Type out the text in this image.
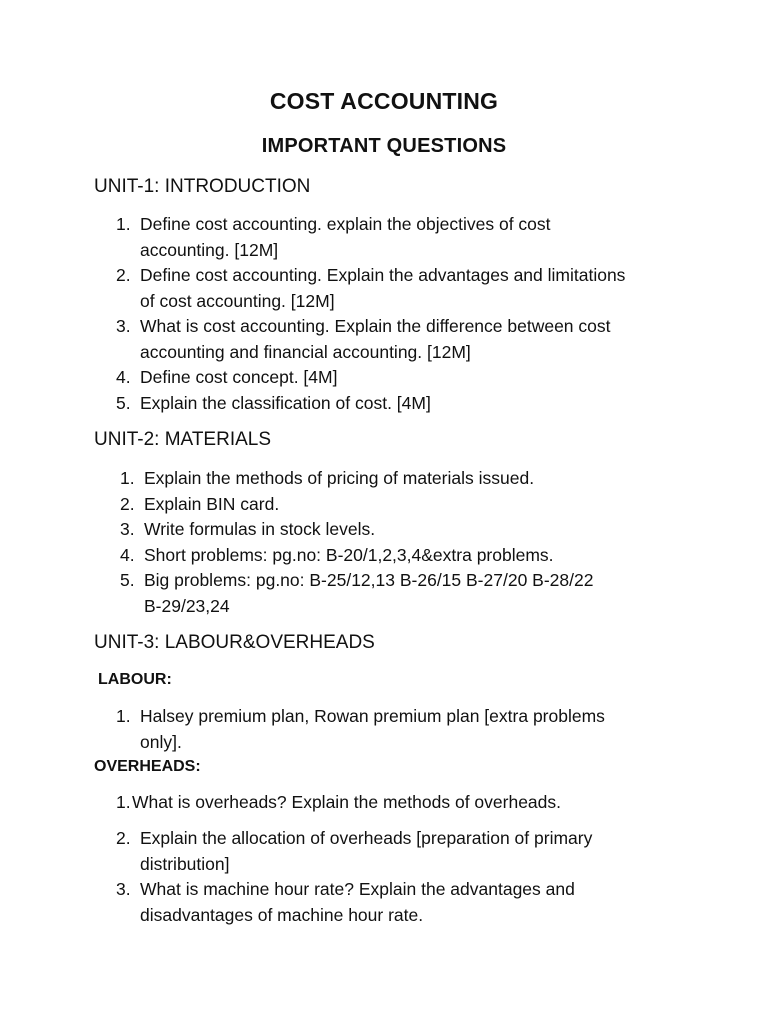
COST ACCOUNTING
IMPORTANT QUESTIONS
UNIT-1: INTRODUCTION
1. Define cost accounting. explain the objectives of cost
accounting. [12M]
2. Define cost accounting. Explain the advantages and limitations
of cost accounting. [12M]
3. What is cost accounting. Explain the difference between cost
accounting and financial accounting. [12M]
4. Define cost concept. [4M]
5. Explain the classification of cost. [4M]
UNIT-2: MATERIALS
1. Explain the methods of pricing of materials issued.
2. Explain BIN card.
3. Write formulas in stock levels.
4. Short problems: pg.no: B-20/1,2,3,4&extra problems.
5. Big problems: pg.no: B-25/12,13 B-26/15 B-27/20 B-28/22
B-29/23,24
UNIT-3: LABOUR&OVERHEADS
LABOUR:
1. Halsey premium plan, Rowan premium plan [extra problems
only].
OVERHEADS:
1. What is overheads? Explain the methods of overheads.
2. Explain the allocation of overheads [preparation of primary
distribution]
3. What is machine hour rate? Explain the advantages and
disadvantages of machine hour rate.
